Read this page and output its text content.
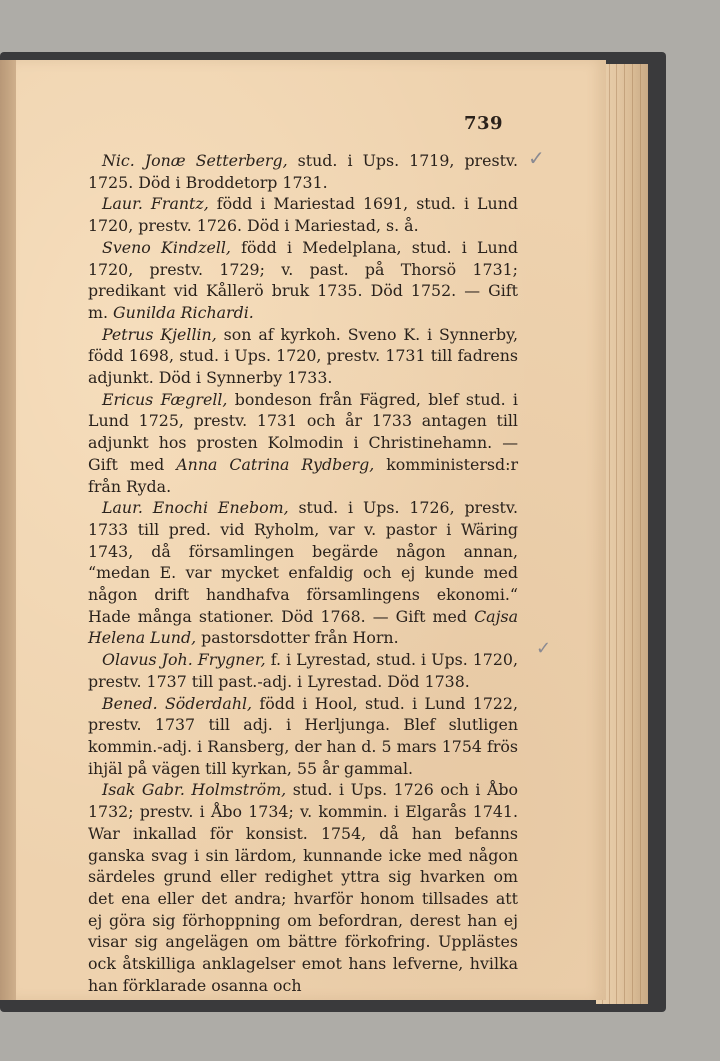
739
✓
✓

Nic. Jonæ Setterberg, stud. i Ups. 1719, prestv. 1725. Död i Broddetorp 1731.

Laur. Frantz, född i Mariestad 1691, stud. i Lund 1720, prestv. 1726. Död i Mariestad, s. å.

Sveno Kindzell, född i Medelplana, stud. i Lund 1720, prestv. 1729; v. past. på Thorsö 1731; predikant vid Kållerö bruk 1735. Död 1752. — Gift m. Gunilda Richardi.

Petrus Kjellin, son af kyrkoh. Sveno K. i Synnerby, född 1698, stud. i Ups. 1720, prestv. 1731 till fadrens adjunkt. Död i Synnerby 1733.

Ericus Fægrell, bondeson från Fägred, blef stud. i Lund 1725, prestv. 1731 och år 1733 antagen till adjunkt hos prosten Kolmodin i Christinehamn. — Gift med Anna Catrina Rydberg, komministersd:r från Ryda.

Laur. Enochi Enebom, stud. i Ups. 1726, prestv. 1733 till pred. vid Ryholm, var v. pastor i Wäring 1743, då församlingen begärde någon annan, “medan E. var mycket enfaldig och ej kunde med någon drift handhafva församlingens ekonomi.“ Hade många stationer. Död 1768. — Gift med Cajsa Helena Lund, pastorsdotter från Horn.

Olavus Joh. Frygner, f. i Lyrestad, stud. i Ups. 1720, prestv. 1737 till past.-adj. i Lyrestad. Död 1738.

Bened. Söderdahl, född i Hool, stud. i Lund 1722, prestv. 1737 till adj. i Herljunga. Blef slutligen kommin.-adj. i Ransberg, der han d. 5 mars 1754 frös ihjäl på vägen till kyrkan, 55 år gammal.

Isak Gabr. Holmström, stud. i Ups. 1726 och i Åbo 1732; prestv. i Åbo 1734; v. kommin. i Elgarås 1741. War inkallad för konsist. 1754, då han befanns ganska svag i sin lärdom, kunnande icke med någon särdeles grund eller redighet yttra sig hvarken om det ena eller det andra; hvarför honom tillsades att ej göra sig förhoppning om befordran, derest han ej visar sig angelägen om bättre förkofring. Upplästes ock åtskilliga anklagelser emot hans lefverne, hvilka han förklarade osanna och
